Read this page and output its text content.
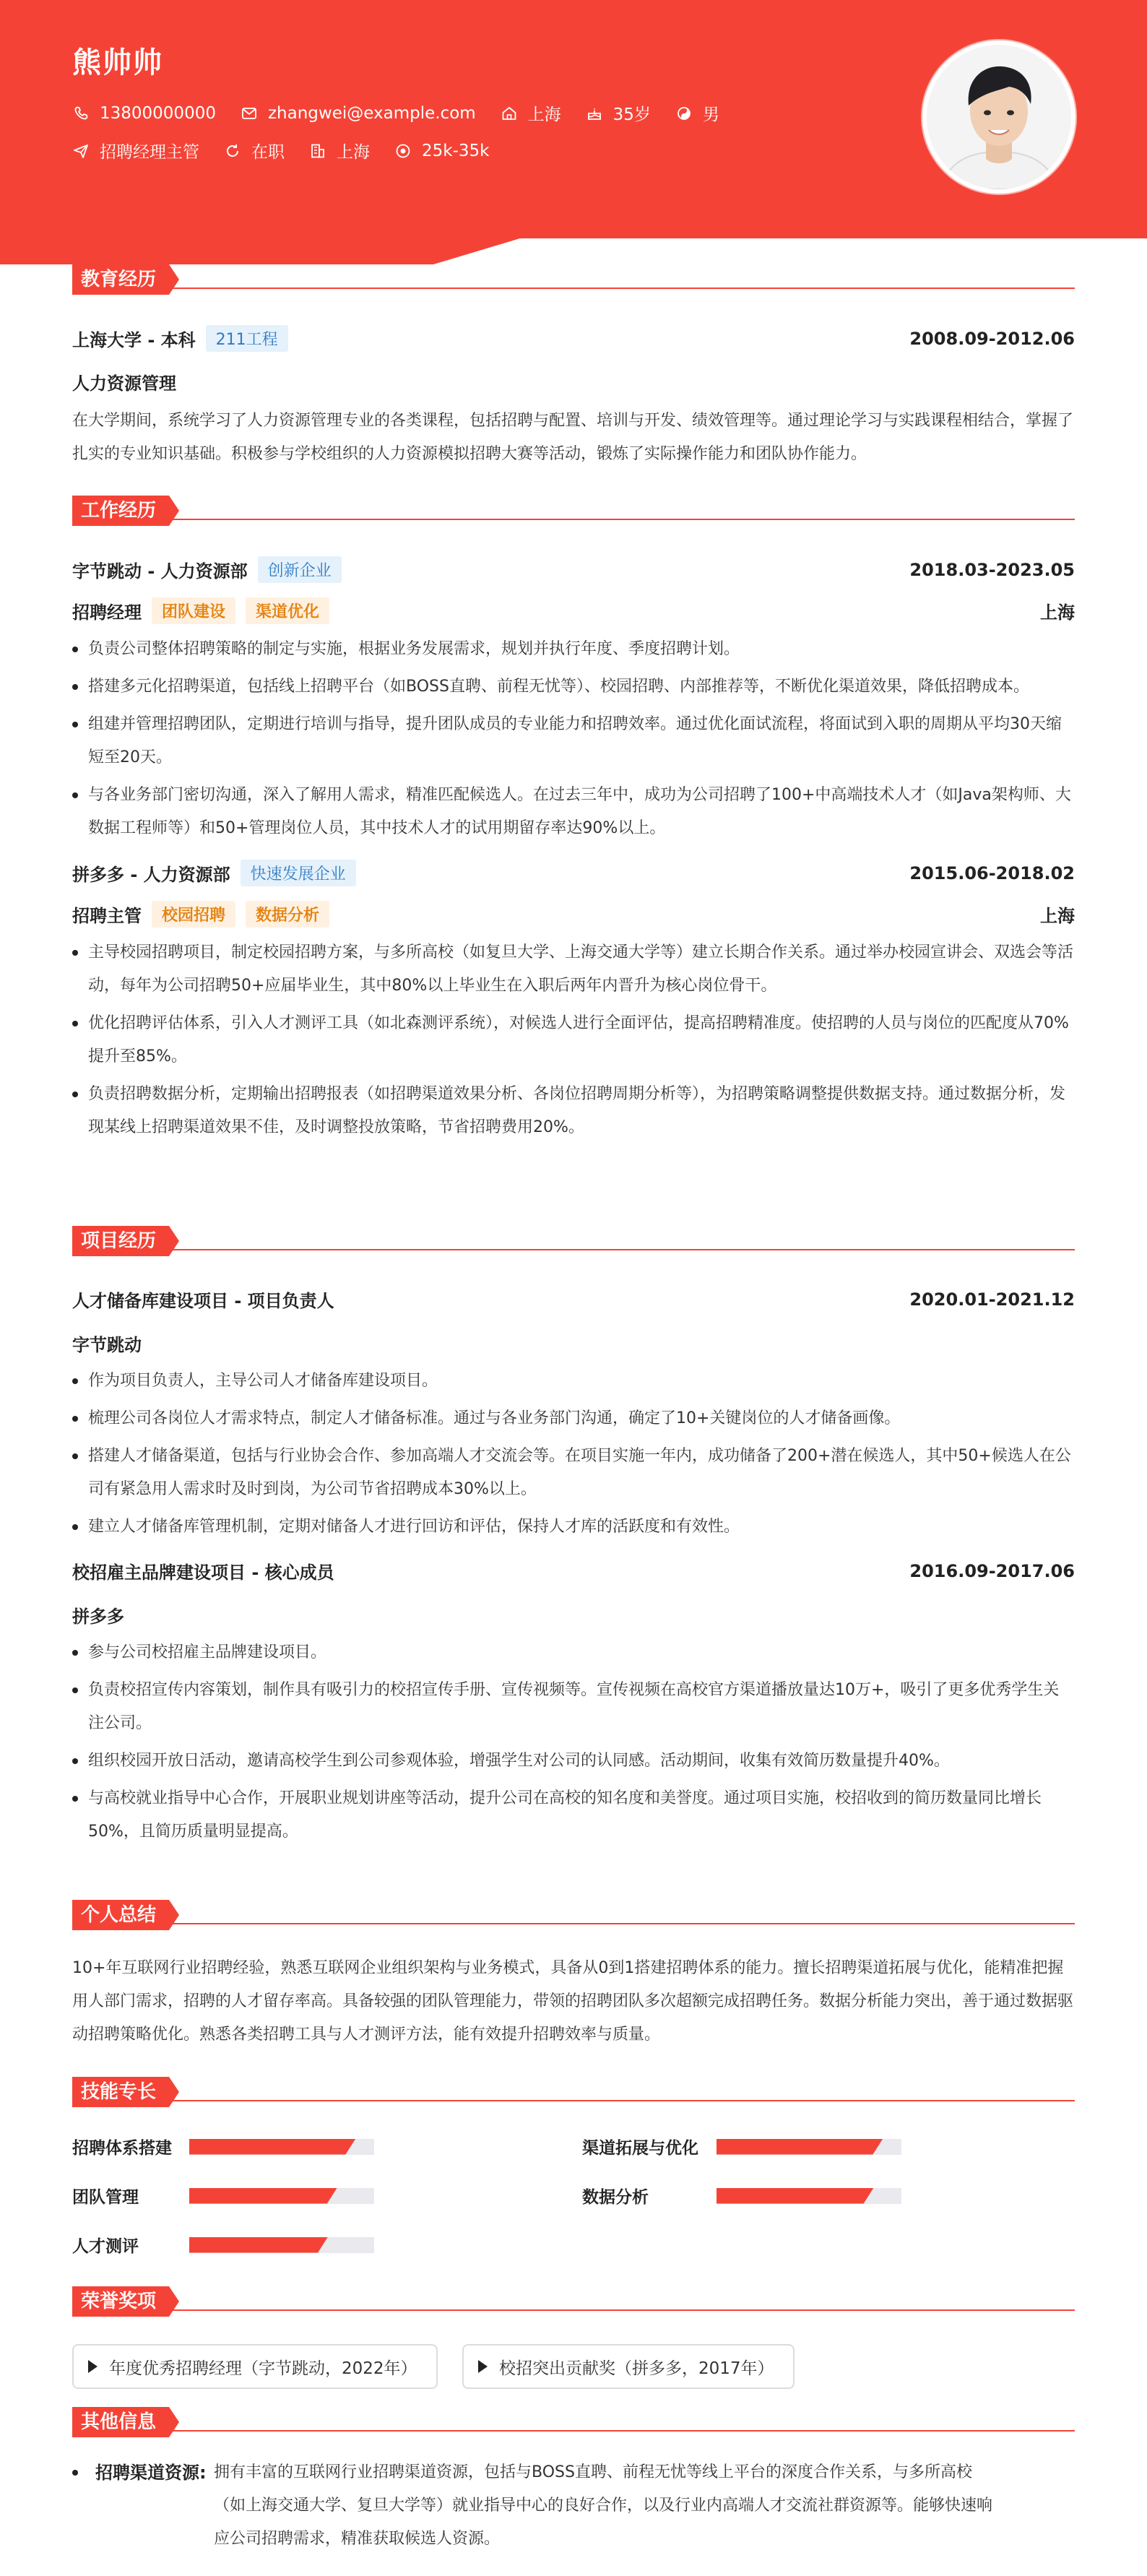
熊帅帅
13800000000	zhangwei@example.com	上海	35岁	男
招聘经理主管	在职	上海	25k-35k
教育经历
上海大学 - 本科	211工程	2008.09-2012.06
人力资源管理
在大学期间，系统学习了人力资源管理专业的各类课程，包括招聘与配置、培训与开发、绩效管理等。通过理论学习与实践课程相结合，掌握了扎实的专业知识基础。积极参与学校组织的人力资源模拟招聘大赛等活动，锻炼了实际操作能力和团队协作能力。
工作经历
字节跳动 - 人力资源部	创新企业	2018.03-2023.05
招聘经理	团队建设	渠道优化	上海
负责公司整体招聘策略的制定与实施，根据业务发展需求，规划并执行年度、季度招聘计划。
搭建多元化招聘渠道，包括线上招聘平台（如BOSS直聘、前程无忧等）、校园招聘、内部推荐等，不断优化渠道效果，降低招聘成本。
组建并管理招聘团队，定期进行培训与指导，提升团队成员的专业能力和招聘效率。通过优化面试流程，将面试到入职的周期从平均30天缩短至20天。
与各业务部门密切沟通，深入了解用人需求，精准匹配候选人。在过去三年中，成功为公司招聘了100+中高端技术人才（如Java架构师、大数据工程师等）和50+管理岗位人员，其中技术人才的试用期留存率达90%以上。
拼多多 - 人力资源部	快速发展企业	2015.06-2018.02
招聘主管	校园招聘	数据分析	上海
主导校园招聘项目，制定校园招聘方案，与多所高校（如复旦大学、上海交通大学等）建立长期合作关系。通过举办校园宣讲会、双选会等活动，每年为公司招聘50+应届毕业生，其中80%以上毕业生在入职后两年内晋升为核心岗位骨干。
优化招聘评估体系，引入人才测评工具（如北森测评系统），对候选人进行全面评估，提高招聘精准度。使招聘的人员与岗位的匹配度从70%提升至85%。
负责招聘数据分析，定期输出招聘报表（如招聘渠道效果分析、各岗位招聘周期分析等），为招聘策略调整提供数据支持。通过数据分析，发现某线上招聘渠道效果不佳，及时调整投放策略，节省招聘费用20%。
项目经历
人才储备库建设项目 - 项目负责人	2020.01-2021.12
字节跳动
作为项目负责人，主导公司人才储备库建设项目。
梳理公司各岗位人才需求特点，制定人才储备标准。通过与各业务部门沟通，确定了10+关键岗位的人才储备画像。
搭建人才储备渠道，包括与行业协会合作、参加高端人才交流会等。在项目实施一年内，成功储备了200+潜在候选人，其中50+候选人在公司有紧急用人需求时及时到岗，为公司节省招聘成本30%以上。
建立人才储备库管理机制，定期对储备人才进行回访和评估，保持人才库的活跃度和有效性。
校招雇主品牌建设项目 - 核心成员	2016.09-2017.06
拼多多
参与公司校招雇主品牌建设项目。
负责校招宣传内容策划，制作具有吸引力的校招宣传手册、宣传视频等。宣传视频在高校官方渠道播放量达10万+，吸引了更多优秀学生关注公司。
组织校园开放日活动，邀请高校学生到公司参观体验，增强学生对公司的认同感。活动期间，收集有效简历数量提升40%。
与高校就业指导中心合作，开展职业规划讲座等活动，提升公司在高校的知名度和美誉度。通过项目实施，校招收到的简历数量同比增长50%，且简历质量明显提高。
个人总结
10+年互联网行业招聘经验，熟悉互联网企业组织架构与业务模式，具备从0到1搭建招聘体系的能力。擅长招聘渠道拓展与优化，能精准把握用人部门需求，招聘的人才留存率高。具备较强的团队管理能力，带领的招聘团队多次超额完成招聘任务。数据分析能力突出，善于通过数据驱动招聘策略优化。熟悉各类招聘工具与人才测评方法，能有效提升招聘效率与质量。
技能专长
招聘体系搭建	渠道拓展与优化
团队管理	数据分析
人才测评
荣誉奖项
年度优秀招聘经理（字节跳动，2022年）	校招突出贡献奖（拼多多，2017年）
其他信息
招聘渠道资源: 拥有丰富的互联网行业招聘渠道资源，包括与BOSS直聘、前程无忧等线上平台的深度合作关系，与多所高校
（如上海交通大学、复旦大学等）就业指导中心的良好合作，以及行业内高端人才交流社群资源等。能够快速响
应公司招聘需求，精准获取候选人资源。
